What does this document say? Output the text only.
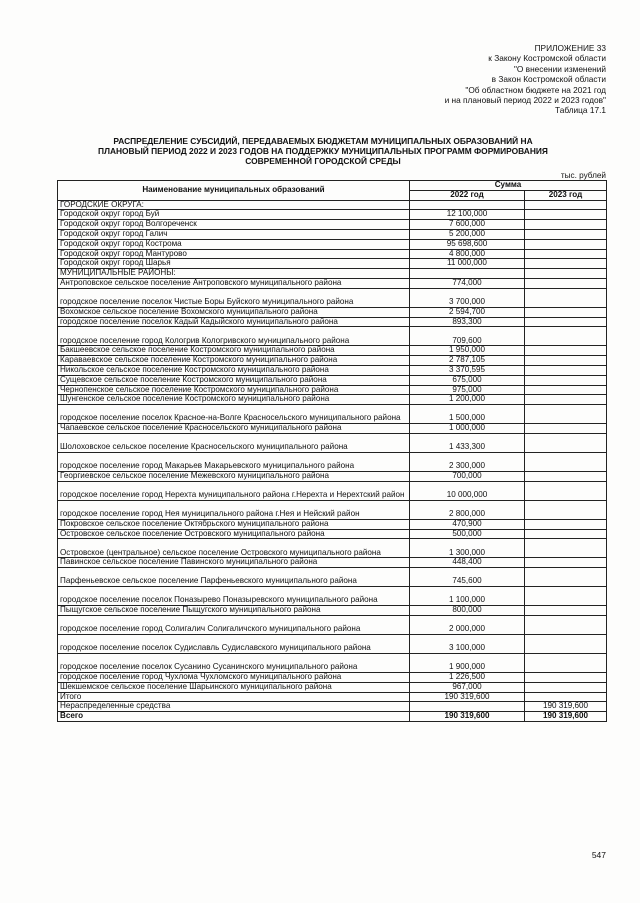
ПРИЛОЖЕНИЕ 33
к Закону Костромской области
"О внесении изменений
в Закон Костромской области
"Об областном бюджете на 2021 год
и на плановый период 2022 и 2023 годов"
Таблица 17.1
РАСПРЕДЕЛЕНИЕ СУБСИДИЙ, ПЕРЕДАВАЕМЫХ БЮДЖЕТАМ МУНИЦИПАЛЬНЫХ ОБРАЗОВАНИЙ НА
ПЛАНОВЫЙ ПЕРИОД 2022 И 2023 ГОДОВ НА ПОДДЕРЖКУ МУНИЦИПАЛЬНЫХ ПРОГРАММ ФОРМИРОВАНИЯ
СОВРЕМЕННОЙ ГОРОДСКОЙ СРЕДЫ
тыс. рублей
Наименование муниципальных образований	Сумма	
	2022 год	2023 год
ГОРОДСКИЕ ОКРУГА:		
Городской округ город Буй	12 100,000	
Городской округ город Волгореченск	7 600,000	
Городской округ город Галич	5 200,000	
Городской округ город Кострома	95 698,600	
Городской округ город Мантурово	4 800,000	
Городской округ город Шарья	11 000,000	
МУНИЦИПАЛЬНЫЕ РАЙОНЫ:		
Антроповское сельское поселение Антроповского муниципального района	774,000	
городское поселение поселок Чистые Боры Буйского муниципального района	3 700,000	
Вохомское сельское поселение Вохомского муниципального района	2 594,700	
городское поселение поселок Кадый Кадыйского муниципального района	893,300	
городское поселение город Кологрив Кологривского муниципального района	709,600	
Бакшеевское сельское поселение Костромского муниципального района	1 950,000	
Караваевское сельское поселение Костромского муниципального района	2 787,105	
Никольское сельское поселение Костромского муниципального района	3 370,595	
Сущевское сельское поселение Костромского муниципального района	675,000	
Чернопенское сельское поселение Костромского муниципального района	975,000	
Шунгенское сельское поселение Костромского муниципального района	1 200,000	
городское поселение поселок Красное-на-Волге Красносельского муниципального района	1 500,000	
Чапаевское сельское поселение Красносельского муниципального района	1 000,000	
Шолоховское сельское поселение Красносельского муниципального района	1 433,300	
городское поселение город Макарьев Макарьевского муниципального района	2 300,000	
Георгиевское сельское поселение Межевского муниципального района	700,000	
городское поселение город Нерехта муниципального района г.Нерехта и Нерехтский район	10 000,000	
городское поселение город Нея муниципального района г.Нея и Нейский район	2 800,000	
Покровское сельское поселение Октябрьского муниципального района	470,900	
Островское сельское поселение Островского муниципального района	500,000	
Островское (центральное) сельское поселение Островского муниципального района	1 300,000	
Павинское сельское поселение Павинского муниципального района	448,400	
Парфеньевское сельское поселение Парфеньевского муниципального района	745,600	
городское поселение поселок Поназырево Поназыревского муниципального района	1 100,000	
Пыщугское сельское поселение Пыщугского муниципального района	800,000	
городское поселение город Солигалич Солигаличского муниципального района	2 000,000	
городское поселение поселок Судиславль Судиславского муниципального района	3 100,000	
городское поселение поселок Сусанино Сусанинского муниципального района	1 900,000	
городское поселение город Чухлома Чухломского муниципального района	1 226,500	
Шекшемское сельское поселение Шарьинского муниципального района	967,000	
Итого	190 319,600	
Нераспределенные средства		190 319,600
Всего	190 319,600	190 319,600
547
